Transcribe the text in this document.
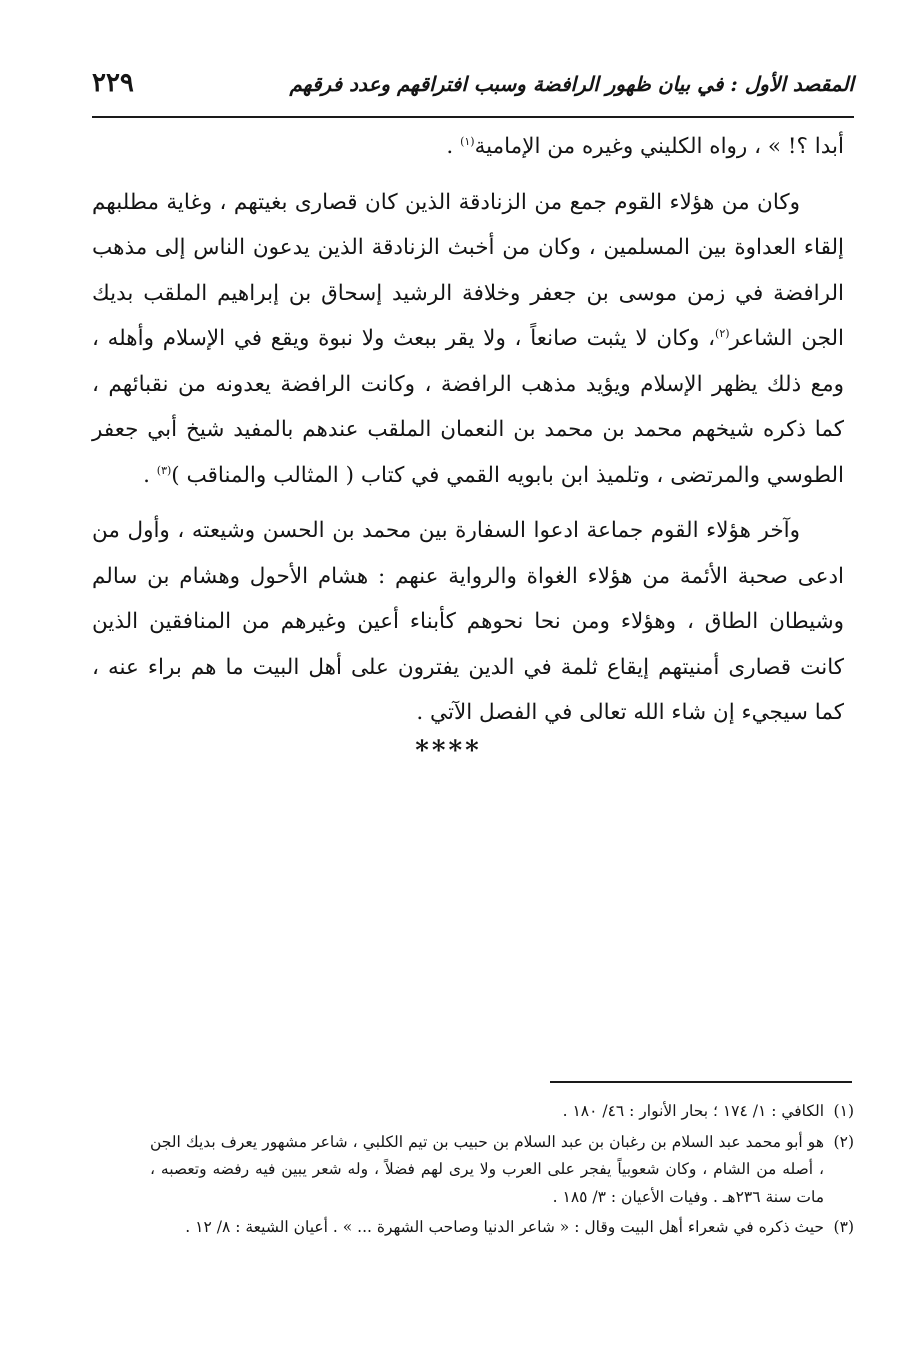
المقصد الأول : في بيان ظهور الرافضة وسبب افتراقهم وعدد فرقهم
٢٢٩

أبدا ؟! » ، رواه الكليني وغيره من الإمامية$^{(١)}$ .

وكان من هؤلاء القوم جمع من الزنادقة الذين كان قصارى بغيتهم ، وغاية مطلبهم إلقاء العداوة بين المسلمين ، وكان من أخبث الزنادقة الذين يدعون الناس إلى مذهب الرافضة في زمن موسى بن جعفر وخلافة الرشيد إسحاق بن إبراهيم الملقب بديك الجن الشاعر$^{(٢)}$، وكان لا يثبت صانعاً ، ولا يقر ببعث ولا نبوة ويقع في الإسلام وأهله ، ومع ذلك يظهر الإسلام ويؤيد مذهب الرافضة ، وكانت الرافضة يعدونه من نقبائهم ، كما ذكره شيخهم محمد بن محمد بن النعمان الملقب عندهم بالمفيد شيخ أبي جعفر الطوسي والمرتضى ، وتلميذ ابن بابويه القمي في كتاب ( المثالب والمناقب )$^{(٣)}$ .

وآخر هؤلاء القوم جماعة ادعوا السفارة بين محمد بن الحسن وشيعته ، وأول من ادعى صحبة الأئمة من هؤلاء الغواة والرواية عنهم : هشام الأحول وهشام بن سالم وشيطان الطاق ، وهؤلاء ومن نحا نحوهم كأبناء أعين وغيرهم من المنافقين الذين كانت قصارى أمنيتهم إيقاع ثلمة في الدين يفترون على أهل البيت ما هم براء عنه ، كما سيجيء إن شاء الله تعالى في الفصل الآتي .

****

(١)
الكافي : ١/ ١٧٤ ؛ بحار الأنوار : ٤٦/ ١٨٠ .

(٢)
هو أبو محمد عبد السلام بن رغبان بن عبد السلام بن حبيب بن تيم الكلبي ، شاعر مشهور يعرف بديك الجن ، أصله من الشام ، وكان شعوبياً يفجر على العرب ولا يرى لهم فضلاً ، وله شعر يبين فيه رفضه وتعصبه ، مات سنة ٢٣٦هـ . وفيات الأعيان : ٣/ ١٨٥ .

(٣)
حيث ذكره في شعراء أهل البيت وقال : « شاعر الدنيا وصاحب الشهرة ... » . أعيان الشيعة : ٨/ ١٢ .
